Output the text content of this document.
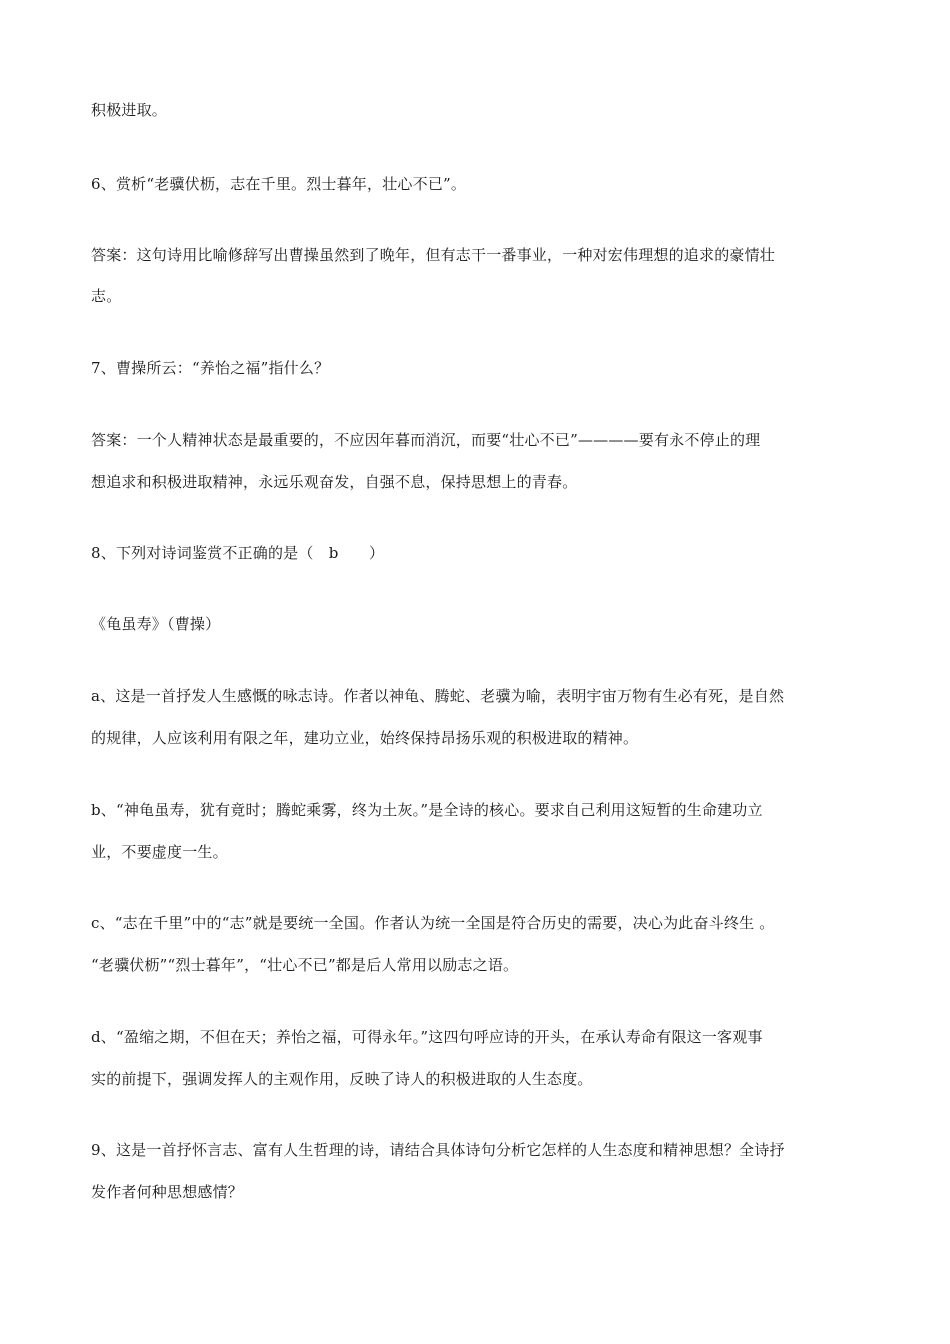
积极进取。
6、赏析“老骥伏枥，志在千里。烈士暮年，壮心不已”。
答案：这句诗用比喻修辞写出曹操虽然到了晚年，但有志干一番事业，一种对宏伟理想的追求的豪情壮
志。
7、曹操所云：“养怡之福”指什么？
答案：一个人精神状态是最重要的，不应因年暮而消沉，而要“壮心不已”————要有永不停止的理
想追求和积极进取精神，永远乐观奋发，自强不息，保持思想上的青春。
8、下列对诗词鉴赏不正确的是（　b　　）
《龟虽寿》（曹操）
a、这是一首抒发人生感慨的咏志诗。作者以神龟、腾蛇、老骥为喻，表明宇宙万物有生必有死，是自然
的规律，人应该利用有限之年，建功立业，始终保持昂扬乐观的积极进取的精神。
b、“神龟虽寿，犹有竟时；腾蛇乘雾，终为土灰。”是全诗的核心。要求自己利用这短暂的生命建功立
业，不要虚度一生。
c、“志在千里”中的“志”就是要统一全国。作者认为统一全国是符合历史的需要，决心为此奋斗终生 。
“老骥伏枥”“烈士暮年”，“壮心不已”都是后人常用以励志之语。
d、“盈缩之期，不但在天；养怡之福，可得永年。”这四句呼应诗的开头，在承认寿命有限这一客观事
实的前提下，强调发挥人的主观作用，反映了诗人的积极进取的人生态度。
9、这是一首抒怀言志、富有人生哲理的诗，请结合具体诗句分析它怎样的人生态度和精神思想？全诗抒
发作者何种思想感情？
